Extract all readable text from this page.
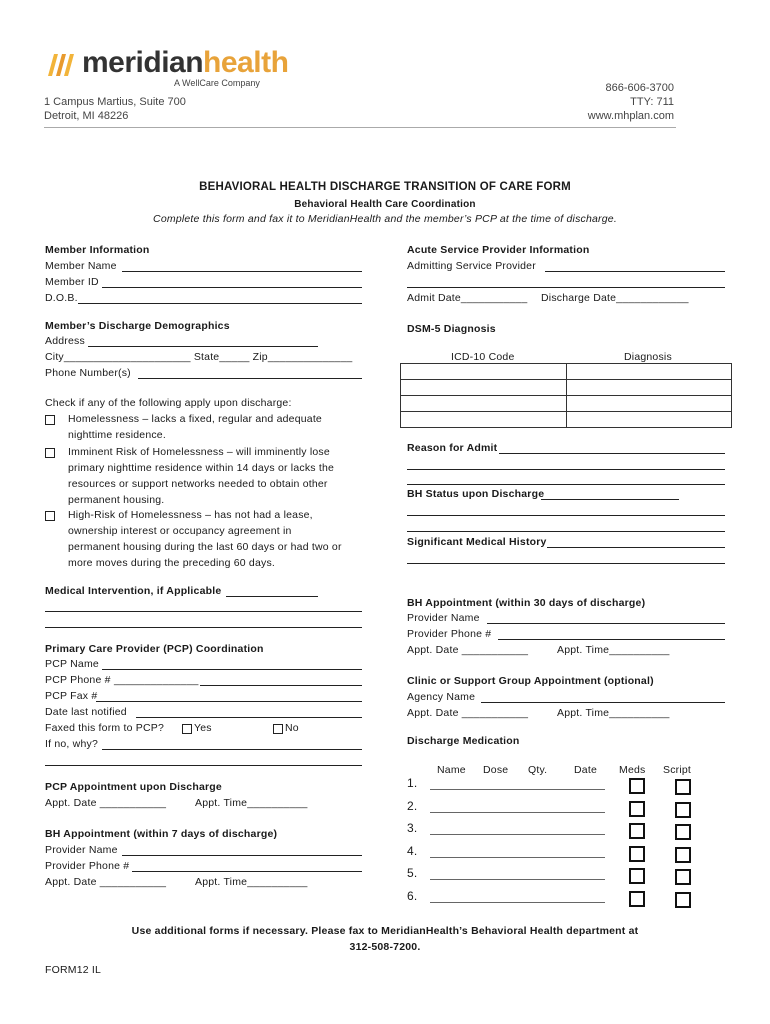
meridianhealth
A WellCare Company
1 Campus Martius, Suite 700
Detroit, MI 48226
866-606-3700
TTY: 711
www.mhplan.com
BEHAVIORAL HEALTH DISCHARGE TRANSITION OF CARE FORM
Behavioral Health Care Coordination
Complete this form and fax it to MeridianHealth and the member’s PCP at the time of discharge.
Member Information
Member Name
Member ID
D.O.B.
Member’s Discharge Demographics
Address
City_____________________ State_____ Zip______________
Phone Number(s)
Check if any of the following apply upon discharge:
Homelessness – lacks a fixed, regular and adequate
nighttime residence.
Imminent Risk of Homelessness – will imminently lose
primary nighttime residence within 14 days or lacks the
resources or support networks needed to obtain other
permanent housing.
High-Risk of Homelessness – has not had a lease,
ownership interest or occupancy agreement in
permanent housing during the last 60 days or had two or
more moves during the preceding 60 days.
Medical Intervention, if Applicable
Primary Care Provider (PCP) Coordination
PCP Name
PCP Phone # ______________
PCP Fax #
Date last notified
Faxed this form to PCP?	Yes	No
If no, why?
PCP Appointment upon Discharge
Appt. Date ___________	Appt. Time__________
BH Appointment (within 7 days of discharge)
Provider Name
Provider Phone #
Appt. Date ___________	Appt. Time__________
Acute Service Provider Information
Admitting Service Provider
Admit Date___________ Discharge Date____________
DSM-5 Diagnosis
ICD-10 Code	Diagnosis

Reason for Admit
BH Status upon Discharge
Significant Medical History
BH Appointment (within 30 days of discharge)
Provider Name
Provider Phone #
Appt. Date ___________	Appt. Time__________
Clinic or Support Group Appointment (optional)
Agency Name
Appt. Date ___________	Appt. Time__________
Discharge Medication
Name Dose Qty.	Date Meds Script
1.
2.
3.
4.
5.
6.
Use additional forms if necessary. Please fax to MeridianHealth’s Behavioral Health department at
312-508-7200.
FORM12 IL
